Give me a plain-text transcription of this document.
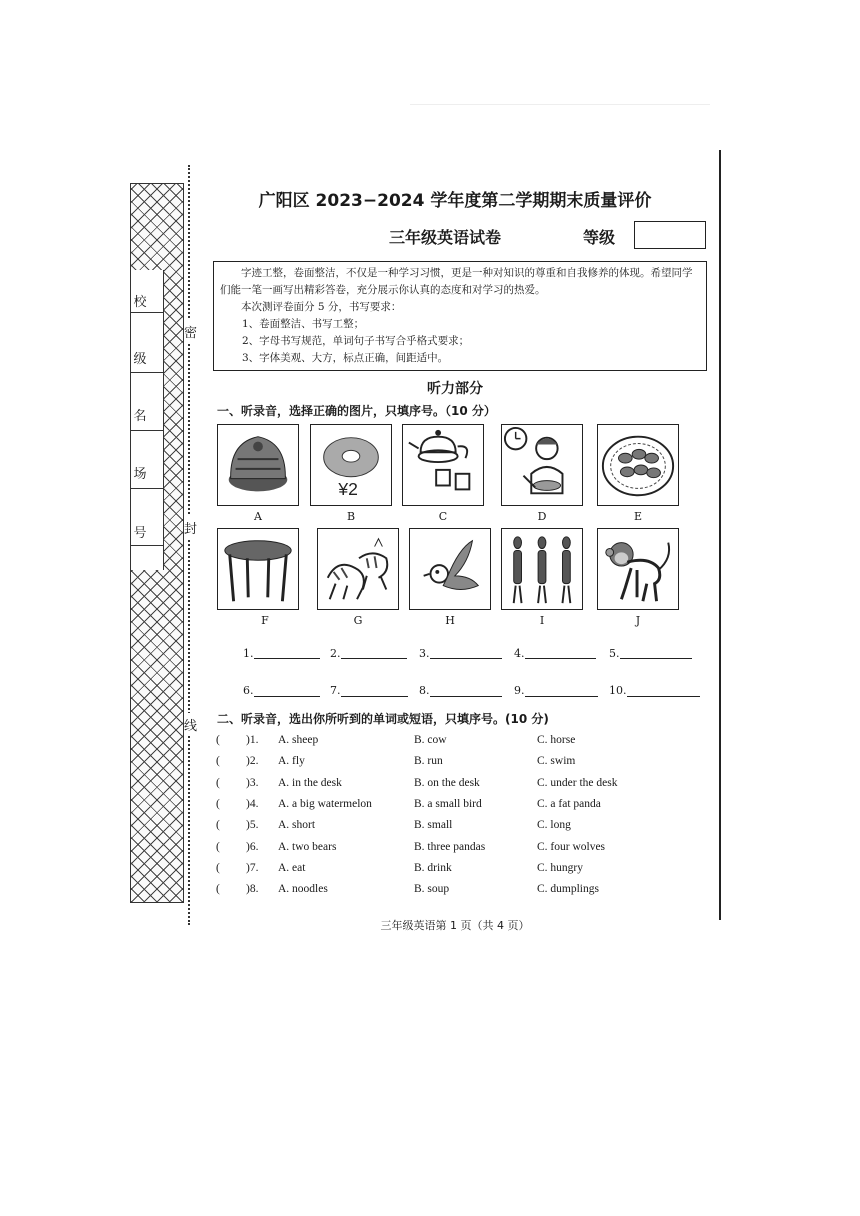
校
级
名
场
号
密
封
线
广阳区 2023−2024 学年度第二学期期末质量评价
三年级英语试卷	等级
字迹工整，卷面整洁，不仅是一种学习习惯，更是一种对知识的尊重和自我修养的体现。希望同学们能一笔一画写出精彩答卷，充分展示你认真的态度和对学习的热爱。
本次测评卷面分 5 分，书写要求：
1、卷面整洁、书写工整；
2、字母书写规范，单词句子书写合乎格式要求；
3、字体美观、大方，标点正确，间距适中。
听力部分
一、听录音，选择正确的图片，只填序号。（10 分）
¥2
A	B	C	D	E
F	G	H	I	J
1.	2.	3.	4.	5.
6.	7.	8.	9.	10.
二、听录音，选出你所听到的单词或短语，只填序号。(10 分)
( )1. A. sheep	B. cow	C. horse
( )2. A. fly	B. run	C. swim
( )3. A. in the desk	B. on the desk	C. under the desk
( )4. A. a big watermelon	B. a small bird	C. a fat panda
( )5. A. short	B. small	C. long
( )6. A. two bears	B. three pandas	C. four wolves
( )7. A. eat	B. drink	C. hungry
( )8. A. noodles	B. soup	C. dumplings
三年级英语第 1 页（共 4 页）
